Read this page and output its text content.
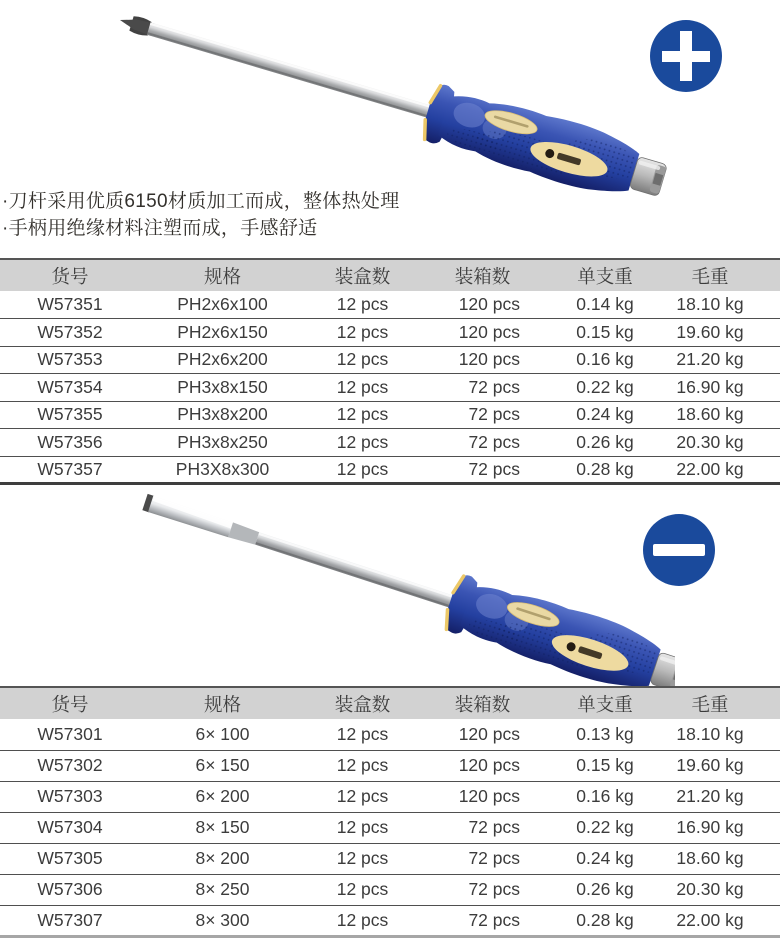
·刀杆采用优质6150材质加工而成，整体热处理

·手柄用绝缘材料注塑而成，手感舒适

货号	规格	装盒数	装箱数	单支重	毛重
W57351	PH2x6x100	12 pcs	120 pcs	0.14 kg	18.10 kg
W57352	PH2x6x150	12 pcs	120 pcs	0.15 kg	19.60 kg
W57353	PH2x6x200	12 pcs	120 pcs	0.16 kg	21.20 kg
W57354	PH3x8x150	12 pcs	72 pcs	0.22 kg	16.90 kg
W57355	PH3x8x200	12 pcs	72 pcs	0.24 kg	18.60 kg
W57356	PH3x8x250	12 pcs	72 pcs	0.26 kg	20.30 kg
W57357	PH3X8x300	12 pcs	72 pcs	0.28 kg	22.00 kg
货号	规格	装盒数	装箱数	单支重	毛重
W57301	6× 100	12 pcs	120 pcs	0.13 kg	18.10 kg
W57302	6× 150	12 pcs	120 pcs	0.15 kg	19.60 kg
W57303	6× 200	12 pcs	120 pcs	0.16 kg	21.20 kg
W57304	8× 150	12 pcs	72 pcs	0.22 kg	16.90 kg
W57305	8× 200	12 pcs	72 pcs	0.24 kg	18.60 kg
W57306	8× 250	12 pcs	72 pcs	0.26 kg	20.30 kg
W57307	8× 300	12 pcs	72 pcs	0.28 kg	22.00 kg
